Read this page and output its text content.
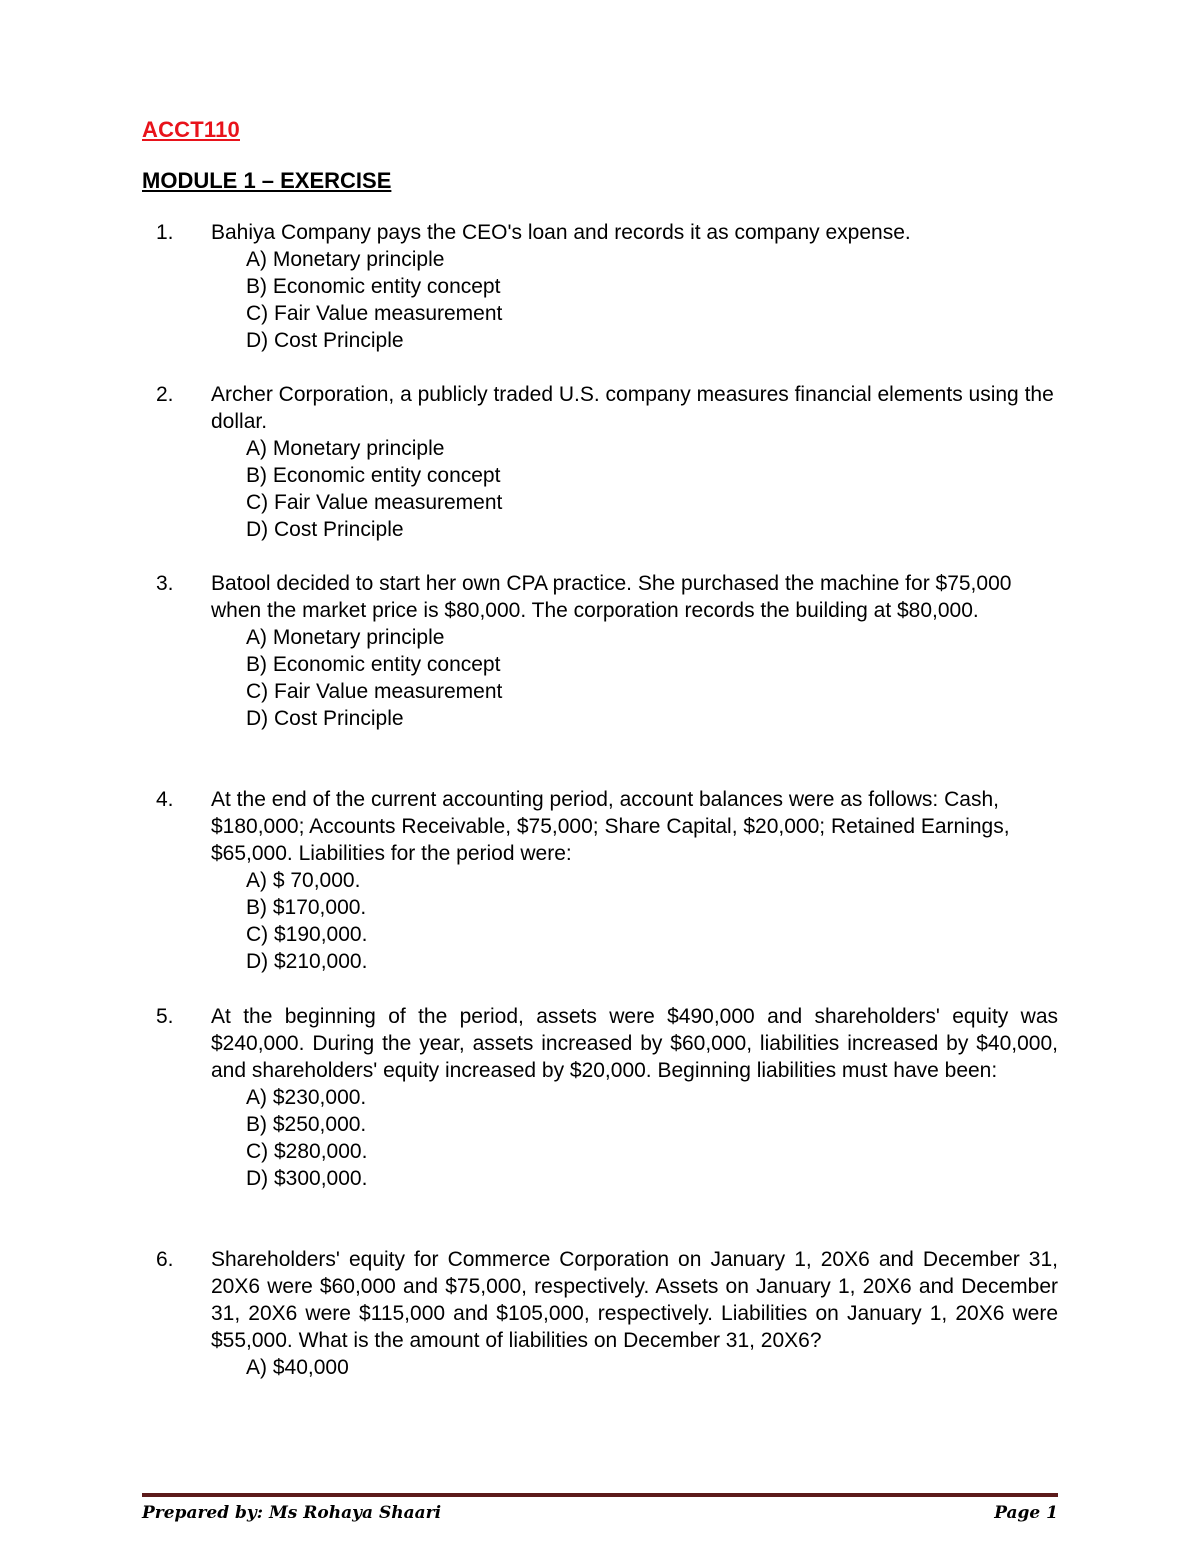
ACCT110
MODULE 1 – EXERCISE
1.	Bahiya Company pays the CEO's loan and records it as company expense.
A) Monetary principle
B) Economic entity concept
C) Fair Value measurement
D) Cost Principle
2.	Archer Corporation, a publicly traded U.S. company measures financial elements using the dollar.
A) Monetary principle
B) Economic entity concept
C) Fair Value measurement
D) Cost Principle
3.	Batool decided to start her own CPA practice. She purchased the machine for $75,000 when the market price is $80,000. The corporation records the building at $80,000.
A) Monetary principle
B) Economic entity concept
C) Fair Value measurement
D) Cost Principle
4.	At the end of the current accounting period, account balances were as follows: Cash, $180,000; Accounts Receivable, $75,000; Share Capital, $20,000; Retained Earnings, $65,000. Liabilities for the period were:
A) $ 70,000.
B) $170,000.
C) $190,000.
D) $210,000.
5.	At the beginning of the period, assets were $490,000 and shareholders' equity was $240,000. During the year, assets increased by $60,000, liabilities increased by $40,000, and shareholders' equity increased by $20,000. Beginning liabilities must have been:
A) $230,000.
B) $250,000.
C) $280,000.
D) $300,000.
6.	Shareholders' equity for Commerce Corporation on January 1, 20X6 and December 31, 20X6 were $60,000 and $75,000, respectively. Assets on January 1, 20X6 and December 31, 20X6 were $115,000 and $105,000, respectively. Liabilities on January 1, 20X6 were $55,000. What is the amount of liabilities on December 31, 20X6?
A) $40,000
Prepared by: Ms Rohaya Shaari	Page 1
